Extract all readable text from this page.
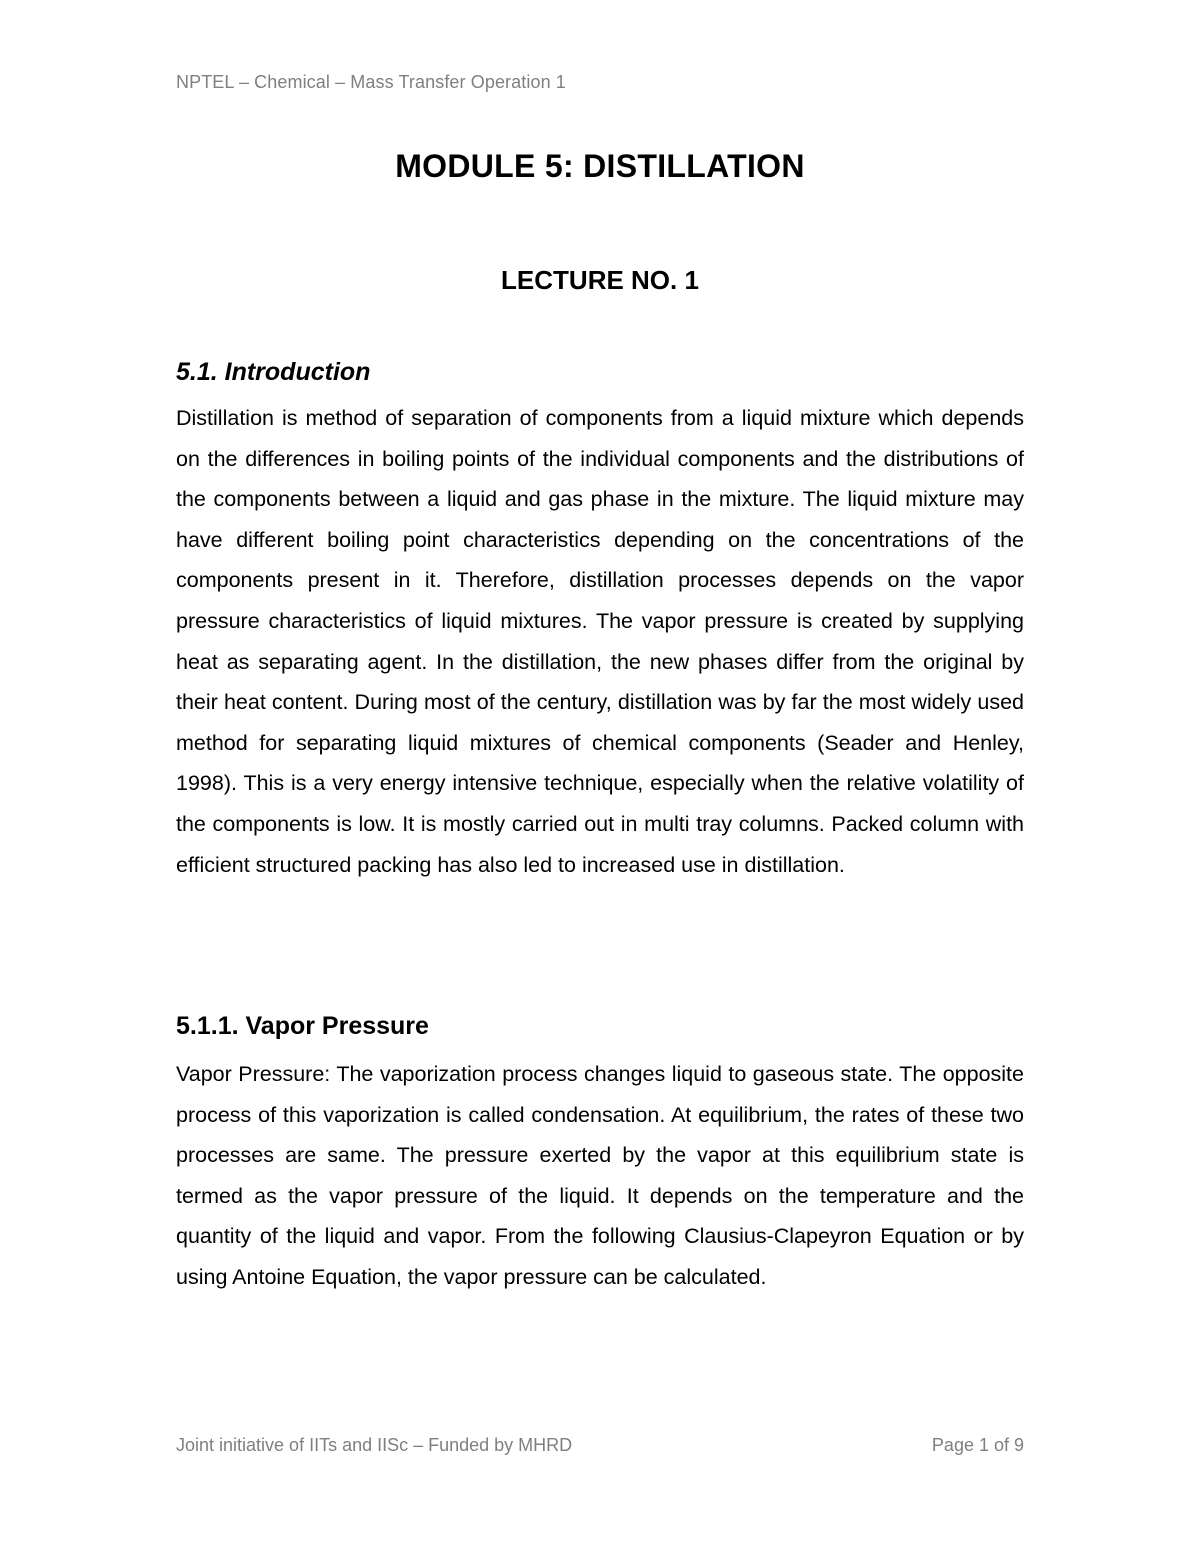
NPTEL – Chemical – Mass Transfer Operation 1
MODULE 5: DISTILLATION
LECTURE NO. 1
5.1. Introduction
Distillation is method of separation of components from a liquid mixture which depends on the differences in boiling points of the individual components and the distributions of the components between a liquid and gas phase in the mixture. The liquid mixture may have different boiling point characteristics depending on the concentrations of the components present in it. Therefore, distillation processes depends on the vapor pressure characteristics of liquid mixtures. The vapor pressure is created by supplying heat as separating agent. In the distillation, the new phases differ from the original by their heat content. During most of the century, distillation was by far the most widely used method for separating liquid mixtures of chemical components (Seader and Henley, 1998). This is a very energy intensive technique, especially when the relative volatility of the components is low. It is mostly carried out in multi tray columns. Packed column with efficient structured packing has also led to increased use in distillation.
5.1.1. Vapor Pressure
Vapor Pressure: The vaporization process changes liquid to gaseous state. The opposite process of this vaporization is called condensation. At equilibrium, the rates of these two processes are same. The pressure exerted by the vapor at this equilibrium state is termed as the vapor pressure of the liquid. It depends on the temperature and the quantity of the liquid and vapor. From the following Clausius-Clapeyron Equation or by using Antoine Equation, the vapor pressure can be calculated.
Joint initiative of IITs and IISc – Funded by MHRD	Page 1 of 9
